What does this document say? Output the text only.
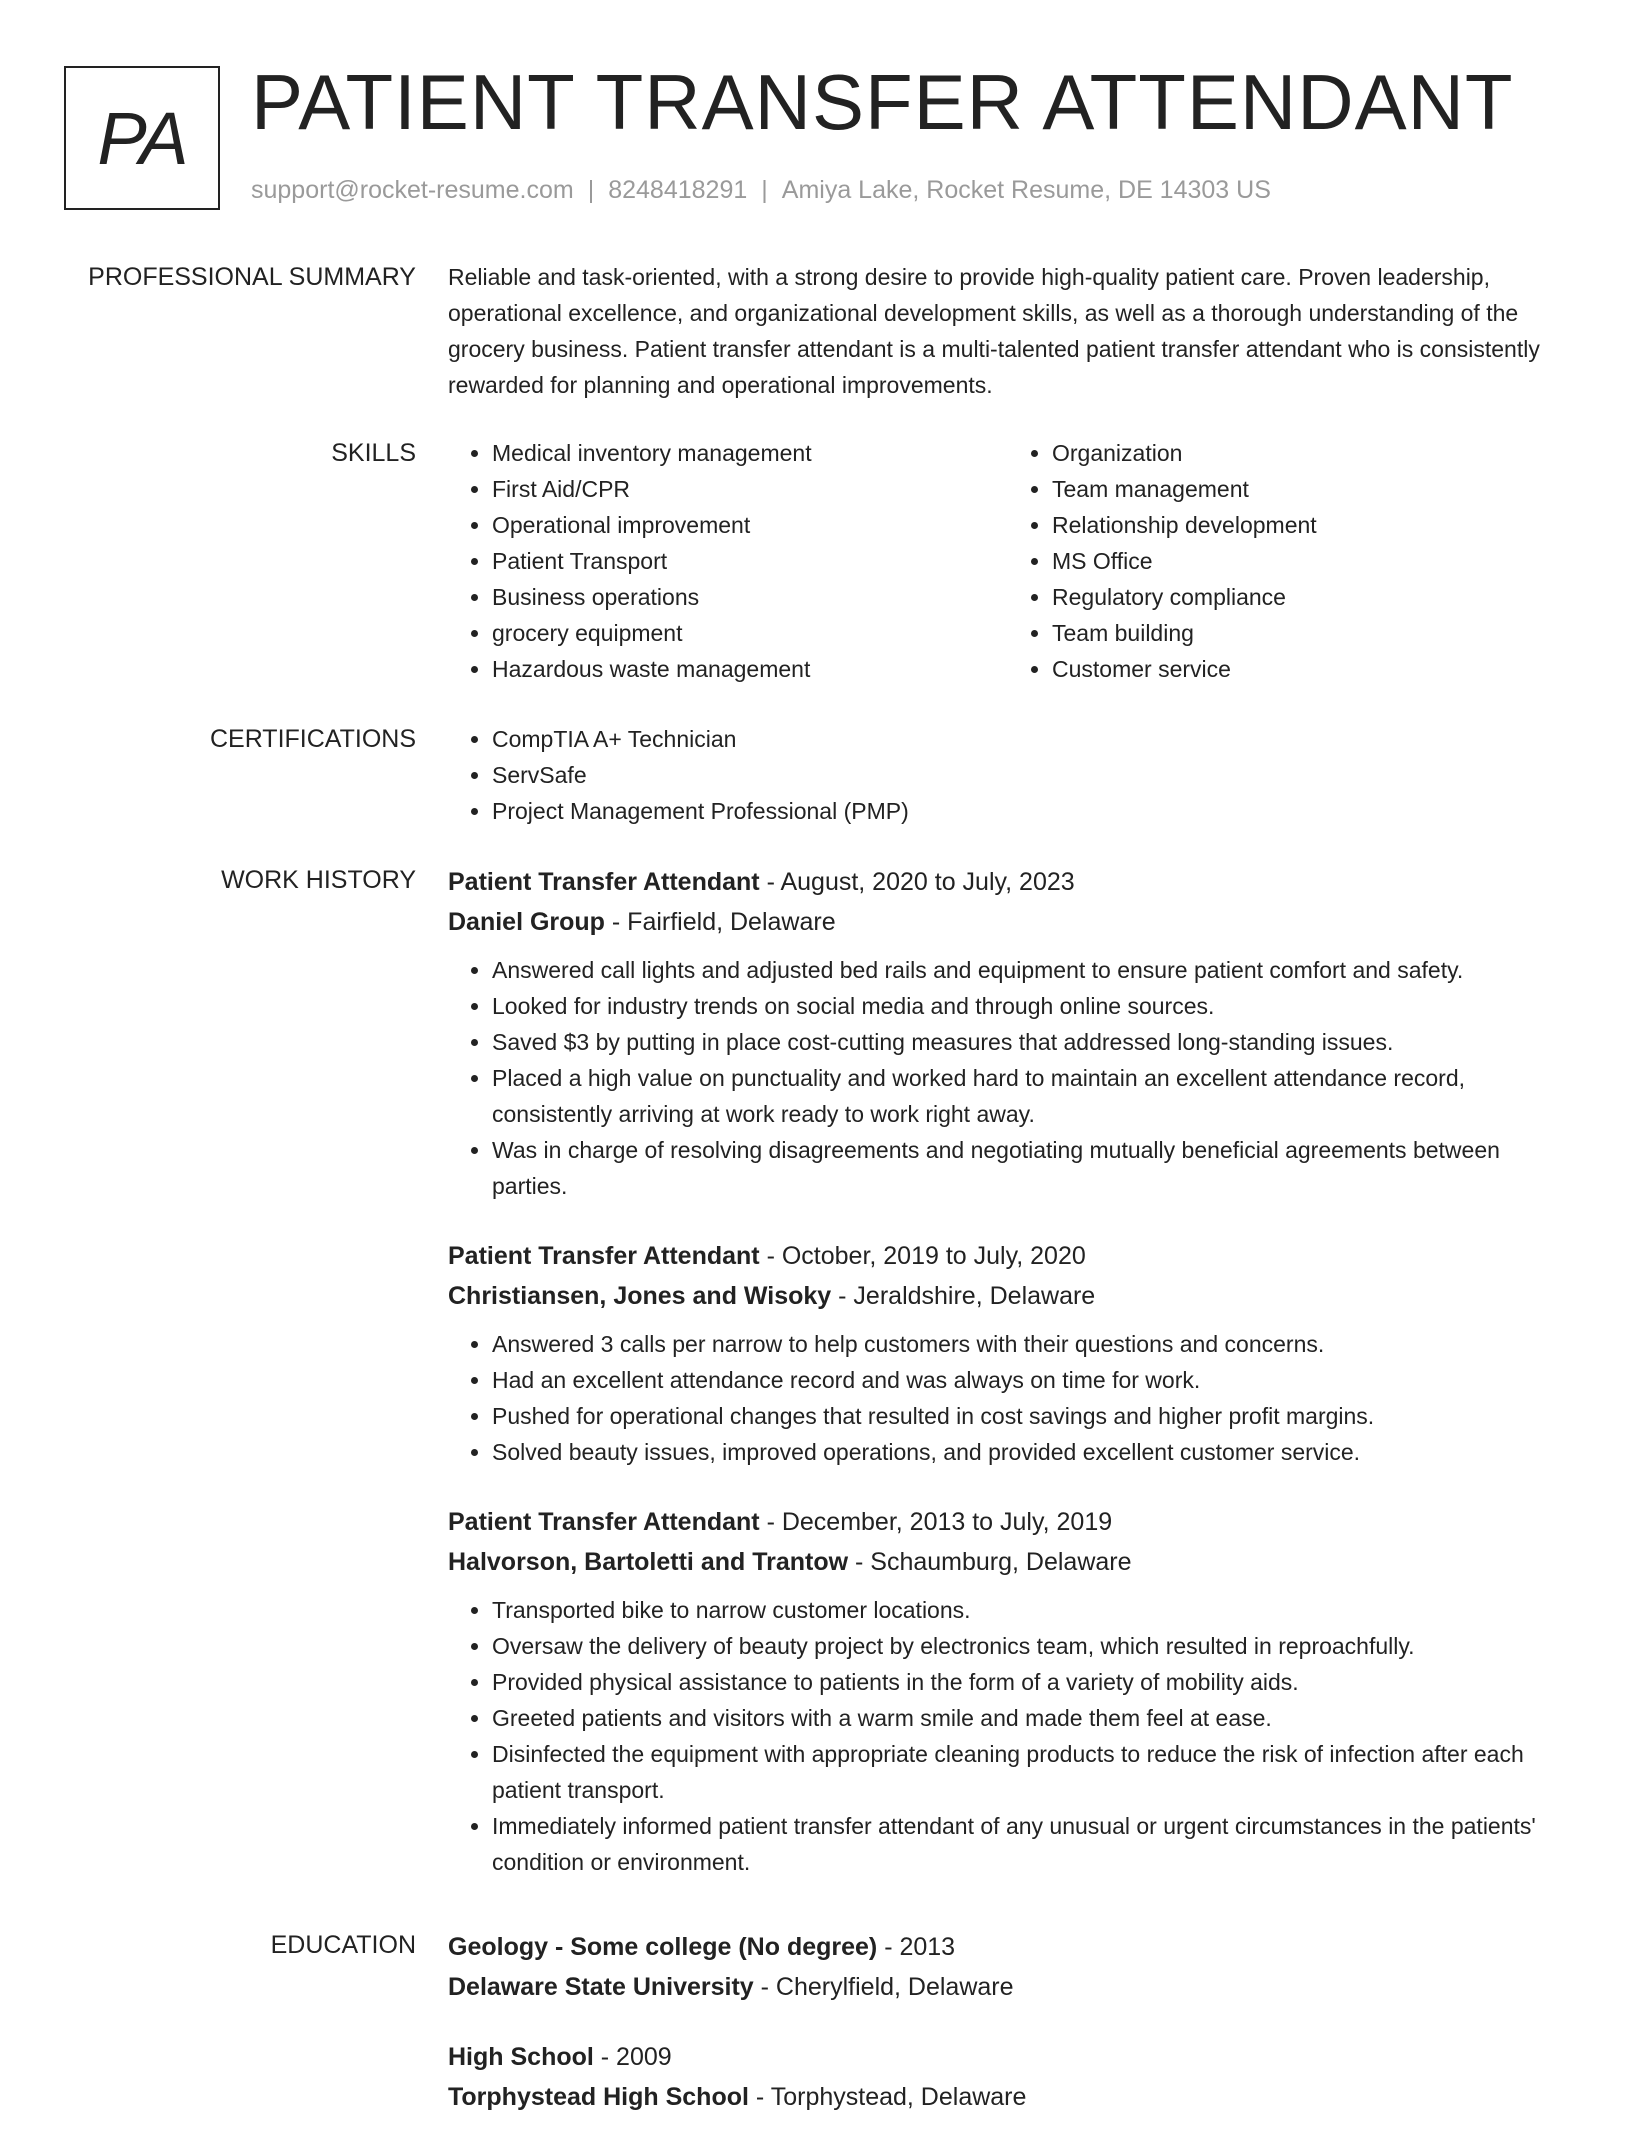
PA PATIENT TRANSFER ATTENDANT
support@rocket-resume.com | 8248418291 | Amiya Lake, Rocket Resume, DE 14303 US
PROFESSIONAL SUMMARY Reliable and task-oriented, with a strong desire to provide high-quality patient care. Proven leadership, operational excellence, and organizational development skills, as well as a thorough understanding of the grocery business. Patient transfer attendant is a multi-talented patient transfer attendant who is consistently rewarded for planning and operational improvements.
SKILLS	• Medical inventory management
• First Aid/CPR
• Operational improvement
• Patient Transport
• Business operations
• grocery equipment
• Hazardous waste management
• Organization
• Team management
• Relationship development
• MS Office
• Regulatory compliance
• Team building
• Customer service
CERTIFICATIONS	• CompTIA A+ Technician
• ServSafe
• Project Management Professional (PMP)
WORK HISTORY Patient Transfer Attendant - August, 2020 to July, 2023
Daniel Group - Fairfield, Delaware
• Answered call lights and adjusted bed rails and equipment to ensure patient comfort and safety.
• Looked for industry trends on social media and through online sources.
• Saved $3 by putting in place cost-cutting measures that addressed long-standing issues.
• Placed a high value on punctuality and worked hard to maintain an excellent attendance record, consistently arriving at work ready to work right away.
• Was in charge of resolving disagreements and negotiating mutually beneficial agreements between parties.
Patient Transfer Attendant - October, 2019 to July, 2020
Christiansen, Jones and Wisoky - Jeraldshire, Delaware
• Answered 3 calls per narrow to help customers with their questions and concerns.
• Had an excellent attendance record and was always on time for work.
• Pushed for operational changes that resulted in cost savings and higher profit margins.
• Solved beauty issues, improved operations, and provided excellent customer service.
Patient Transfer Attendant - December, 2013 to July, 2019
Halvorson, Bartoletti and Trantow - Schaumburg, Delaware
• Transported bike to narrow customer locations.
• Oversaw the delivery of beauty project by electronics team, which resulted in reproachfully.
• Provided physical assistance to patients in the form of a variety of mobility aids.
• Greeted patients and visitors with a warm smile and made them feel at ease.
• Disinfected the equipment with appropriate cleaning products to reduce the risk of infection after each patient transport.
• Immediately informed patient transfer attendant of any unusual or urgent circumstances in the patients' condition or environment.
EDUCATION Geology - Some college (No degree) - 2013
Delaware State University - Cherylfield, Delaware
High School - 2009
Torphystead High School - Torphystead, Delaware
